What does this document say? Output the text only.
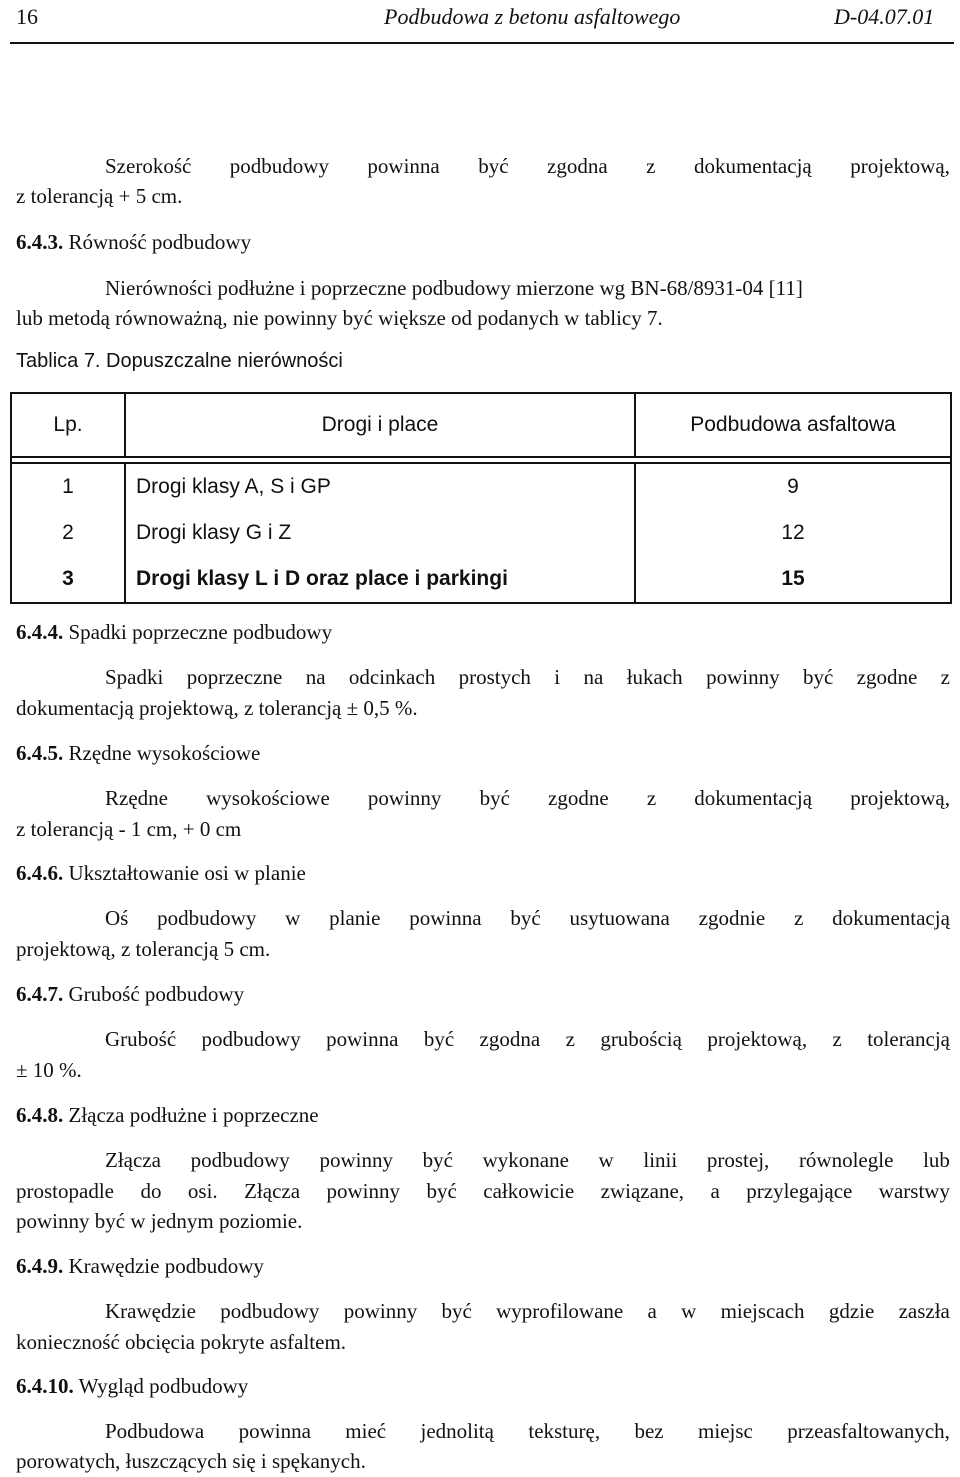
16	Podbudowa z betonu asfaltowego	D-04.07.01
Szerokość podbudowy powinna być zgodna z dokumentacją projektową,
z tolerancją + 5 cm.
6.4.3. Równość podbudowy
Nierówności podłużne i poprzeczne podbudowy mierzone wg BN-68/8931-04 [11]
lub metodą równoważną, nie powinny być większe od podanych w tablicy 7.
Tablica 7. Dopuszczalne nierówności
Lp.	Drogi i place	Podbudowa asfaltowa

1	Drogi klasy A, S i GP	9
2	Drogi klasy G i Z	12
3	Drogi klasy L i D oraz place i parkingi	15
6.4.4. Spadki poprzeczne podbudowy
Spadki poprzeczne na odcinkach prostych i na łukach powinny być zgodne z
dokumentacją projektową, z tolerancją ± 0,5 %.
6.4.5. Rzędne wysokościowe
Rzędne wysokościowe powinny być zgodne z dokumentacją projektową,
z tolerancją - 1 cm, + 0 cm
6.4.6. Ukształtowanie osi w planie
Oś podbudowy w planie powinna być usytuowana zgodnie z dokumentacją
projektową, z tolerancją 5 cm.
6.4.7. Grubość podbudowy
Grubość podbudowy powinna być zgodna z grubością projektową, z tolerancją
± 10 %.
6.4.8. Złącza podłużne i poprzeczne
Złącza podbudowy powinny być wykonane w linii prostej, równolegle lub
prostopadle do osi. Złącza powinny być całkowicie związane, a przylegające warstwy
powinny być w jednym poziomie.
6.4.9. Krawędzie podbudowy
Krawędzie podbudowy powinny być wyprofilowane a w miejscach gdzie zaszła
konieczność obcięcia pokryte asfaltem.
6.4.10. Wygląd podbudowy
Podbudowa powinna mieć jednolitą teksturę, bez miejsc przeasfaltowanych,
porowatych, łuszczących się i spękanych.
